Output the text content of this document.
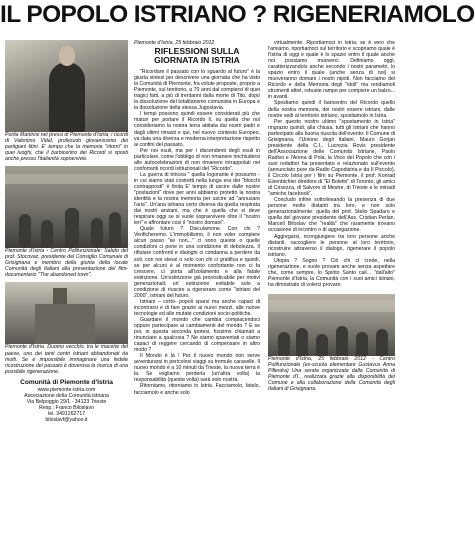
IL POPOLO ISTRIANO ? RIGENERIAMOLO

Portia Martinisi nei pressi di Piemonte d'Istria; i ricordi di Valentino Vidal, profesudo glovanissimo dei partigiani titini. E' tempo che la memoria "ritorni" in quei luoghi, che il barbiceritro dei Ricordi si sposti anche presso l'italianità sopravvivie.

Piemonte d'Istria - Centro Polifunzionale: Saluto del prof. Stocovaz, presidente del Consiglio Comunale di Grisignana e membro della giunta della locale Comunità degli Italiani alla presentazione del film-documentario "The abandoned town".

Piemonte d'Istria. Duomo vecchio, tra le macerie del paese, uno dei tanti centri istriani abbandonati da molti. Se è impossibile immaginare una fedele ricostruzione del passato è doverosa la ricerca di una possibile rigenerazione.

Comunità di Piemonte d'Istria
www.piemonte-istria.com
Associazione della Comunità istriana
Via Belpoggio 29/1 - 34123 Trieste
Resp.: Franco Biloslavo
tel. 3491262717
biloslavf@yahoo.it

Piemonte d'Istria, 25 febbraio 2012

RIFLESSIONI SULLA
GIORNATA IN ISTRIA

"Ricordare il passato con lo sguardo al futuro" è la giusta sintesi per descrivere una giornata che ha visto la Comunità di Piemonte, fra volute proposte, proprio a Piemonte, sul territorio, a 70 anni dal compiersi di quei tragici fatti, a più di trentanni dalla morte di Tito, dopo la dissoluzione del totalitarismo comunista in Europa e la dissoluzione della stessa Jugoslavia.

I tempi possono quindi essere considerati più che maturi per portare il Ricordo lì, su quella che noi consideriamo la nostra terra abitata dai nostri padri e dagli ultimi rimasti e qui, nel nuovo contesto Europeo, va data una diversa e moderna interpretazione rispetto ai confini del passato.

Per noi esuli, ma per i discendenti degli esuli in particolare, come l'obbligo di non rimanere rinchiudersi alle autocelebrazioni di non rimanere intrappolati nei confortanti ricordi istituzionali del "Ricordo".

La guerra di trincea " quella logorante è possumo - in cui siamo stati costretti nella lunga era dei "blocchi contrapposti" è finita E' tempo di uscire dalle nostre "postazioni" dove per anni abbiamo protetto la nostra identità e la nostra memoria per uscire ad "annusare l'aria". Un'aria istriana certo diversa da quella respirata dai nostri anziani, ma che è quella che si deve respirare oggi se si vuole sopravvivere oltre il "nostro ieri" e affrontare così il "nostro domani".

Quale futuro ? Disculamone. Con chi ? Verificheremo. L'immobilismo, il non voler compiere alcun passo "se non..." ci sono queste o quelle condizioni ci pone in una condizione di debolezza. Il rifiutare confronti e dialoghi ci condanna a perdere da soli, con noi stessi o solo con chi ci gratifica e quindi, se per alcuni è al momento confortante non ci fa crescere, ci porta all'isolamento e alla fatale estinzione. Un'estinzione già pronosticabile per motivi generazionali; un' estinzione evitabile solo a condizione di riuscire a rigenerare come "istriani del 2000", istriani del futuro.

Istriani – certo- popoli sparsi ma anche capaci di incontrarsi e di fare grazie ai nuovi mezzi, alle nuove tecnologie ed alle mutate condizioni socio-politiche.

Guardare il mondo che cambia compiacendoci oppure partecipare ai cambiamenti del mondo ? E se poi, in questa seconda ipotesi, fossimo chiamati a rinunciare a qualcosa ? Ne siamo spaventati o siamo capaci di reggere cercando di compensare in altro modo ?

Il Mondo è là ! Per il nuovo mondo non serve avventurarsi in pericolosi viaggi su tremule caravelle. Il nuovo mondo è a 10 minuti da Trieste, la nuova terra è la. Se vogliamo perderla (un'altra volta) la responsabilità (questa volta) sarà solo nostra.

Ritorniamo, ritorniamo in Istria. Facciamolo, fatelo, facciamolo e anche solo

virtualmente. Riportiamoci in Istria, se è vero che l'amiamo, riportiamoci sul territorio e scopriamo quale è l'Istria di oggi e quale è lo spazio entro il quale anche noi possiamo muoverci. Definiamo oggi, caratterizzandolo anche secondo i nostri parametri, lo spazio entro il quale (anche senza di noi) si muoveranno domani i nostri nipoti. Non facciamo del Ricordo e della Memoria degli "idoli" ma rendiamoli strumenti attivi, robuste rampe per compiere un balzo... in avanti.

Spostiamo quindi il baricentro del Ricordo quello della nostra memoria, dei nostri essere istriani, dalle nostre sedi al territorio istriano, spostiamolo in Istria.

Per questo nostro ultimo "spostamento in Istria" ringrazio quindi, alla chiusa, tutti gli istriani che hanno partecipato alla buona riuscita dell'evento: Il Comune di Grisignana, l'Unione degli Italiani, Mauro Gorjan presidente della C.I., Lucrezia Rovis presidente dell'Associazione delle Comunità Istriane, Paolo Radivo e l'Arena di Pola, la Voce del Popolo che con i suoi redattori ha presentato e relazionato sull'evento (annunciato pure da Radio Capodistria e da Il Piccolo), il Circolo Istria per i film su Piemonte, il prof. Konrad Eisenbichler direttore di "El Boletin" di Toronto, gli amici di Crisezza, di Salvore di Mestre, di Trieste e le miriadi "amiche facebook".

Concludo infine sottolineando la presenza di due persone molto distanti tra loro, e non solo generazionalmente: quella del prof. Stelio Spadaro e quella del giovane presidente dell'Ass. Cristian Perlan. Marcell Biloslav che "realtà" che raramente trovano occasione di incontro o di aggregazione.

Aggregarsi, ricongiungere tra loro persone anche distanti, raccogliere le persone al loro territorio, ricostruire attraverso il dialogo, rigenerare il popolo istriano.

Utopia ? Sogno ? Ciò chi ci crede, nella rigenerazione, e vuole provare anche senza aspettare che, come sempre, lo Spirito Santo cali... "dall'alto" Piemonte d'Istria, la Comunità con i suoi amici istriani, ha dimostrato di volerci provare.

Piemonte d'Istria, 25 febbraio 2012 - Centro Polifunzionale (ex-scuola elementare Gustavus Anna Pillerdra) Una serata organizzata dalla Comunità di Piemonte d'I., realizzata grazie alla disponibilità del Comune e alla collaborazione della Comunità degli Italiani di Grisignana.
